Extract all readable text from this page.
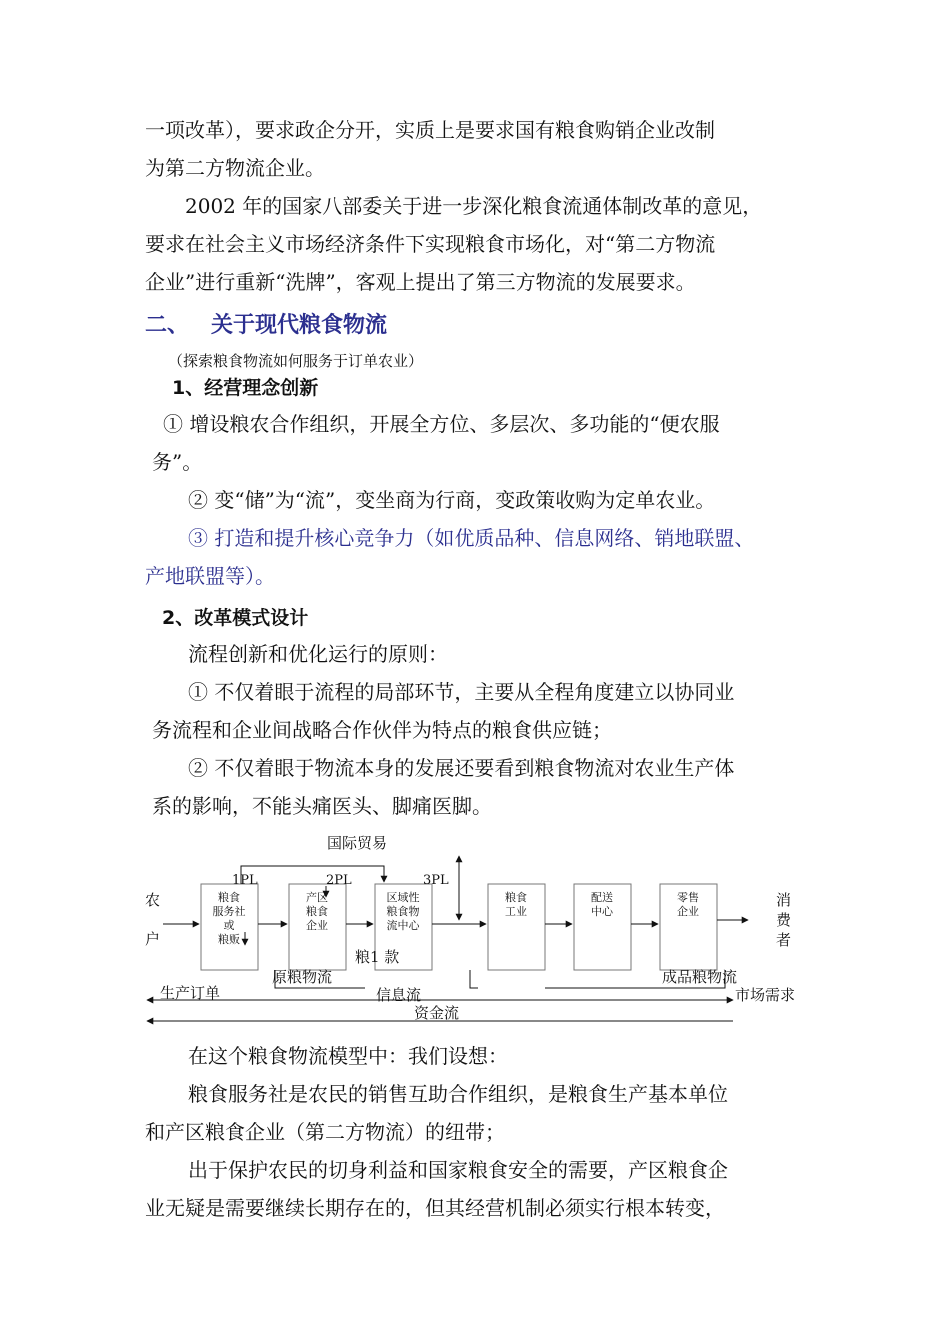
一项改革），要求政企分开，实质上是要求国有粮食购销企业改制
为第二方物流企业。
2002 年的国家八部委关于进一步深化粮食流通体制改革的意见，
要求在社会主义市场经济条件下实现粮食市场化，对“第二方物流
企业”进行重新“洗牌”，客观上提出了第三方物流的发展要求。
二、 关于现代粮食物流
（探索粮食物流如何服务于订单农业）
1、经营理念创新
① 增设粮农合作组织，开展全方位、多层次、多功能的“便农服
务”。
② 变“储”为“流”，变坐商为行商，变政策收购为定单农业。
③ 打造和提升核心竞争力（如优质品种、信息网络、销地联盟、
产地联盟等）。
2、改革模式设计
流程创新和优化运行的原则：
① 不仅着眼于流程的局部环节，主要从全程角度建立以协同业
务流程和企业间战略合作伙伴为特点的粮食供应链；
② 不仅着眼于物流本身的发展还要看到粮食物流对农业生产体
系的影响，不能头痛医头、脚痛医脚。
粮食
服务社
或
粮贩
产区
粮食
企业
区域性
粮食物
流中心
粮食
工业
配送
中心
零售
企业
国际贸易
1PL	2PL	3PL
农
户
消
费
者
粮1 款
原粮物流	成品粮物流
生产订单	信息流	市场需求
资金流
在这个粮食物流模型中：我们设想：
粮食服务社是农民的销售互助合作组织，是粮食生产基本单位
和产区粮食企业（第二方物流）的纽带；
出于保护农民的切身利益和国家粮食安全的需要，产区粮食企
业无疑是需要继续长期存在的，但其经营机制必须实行根本转变，
